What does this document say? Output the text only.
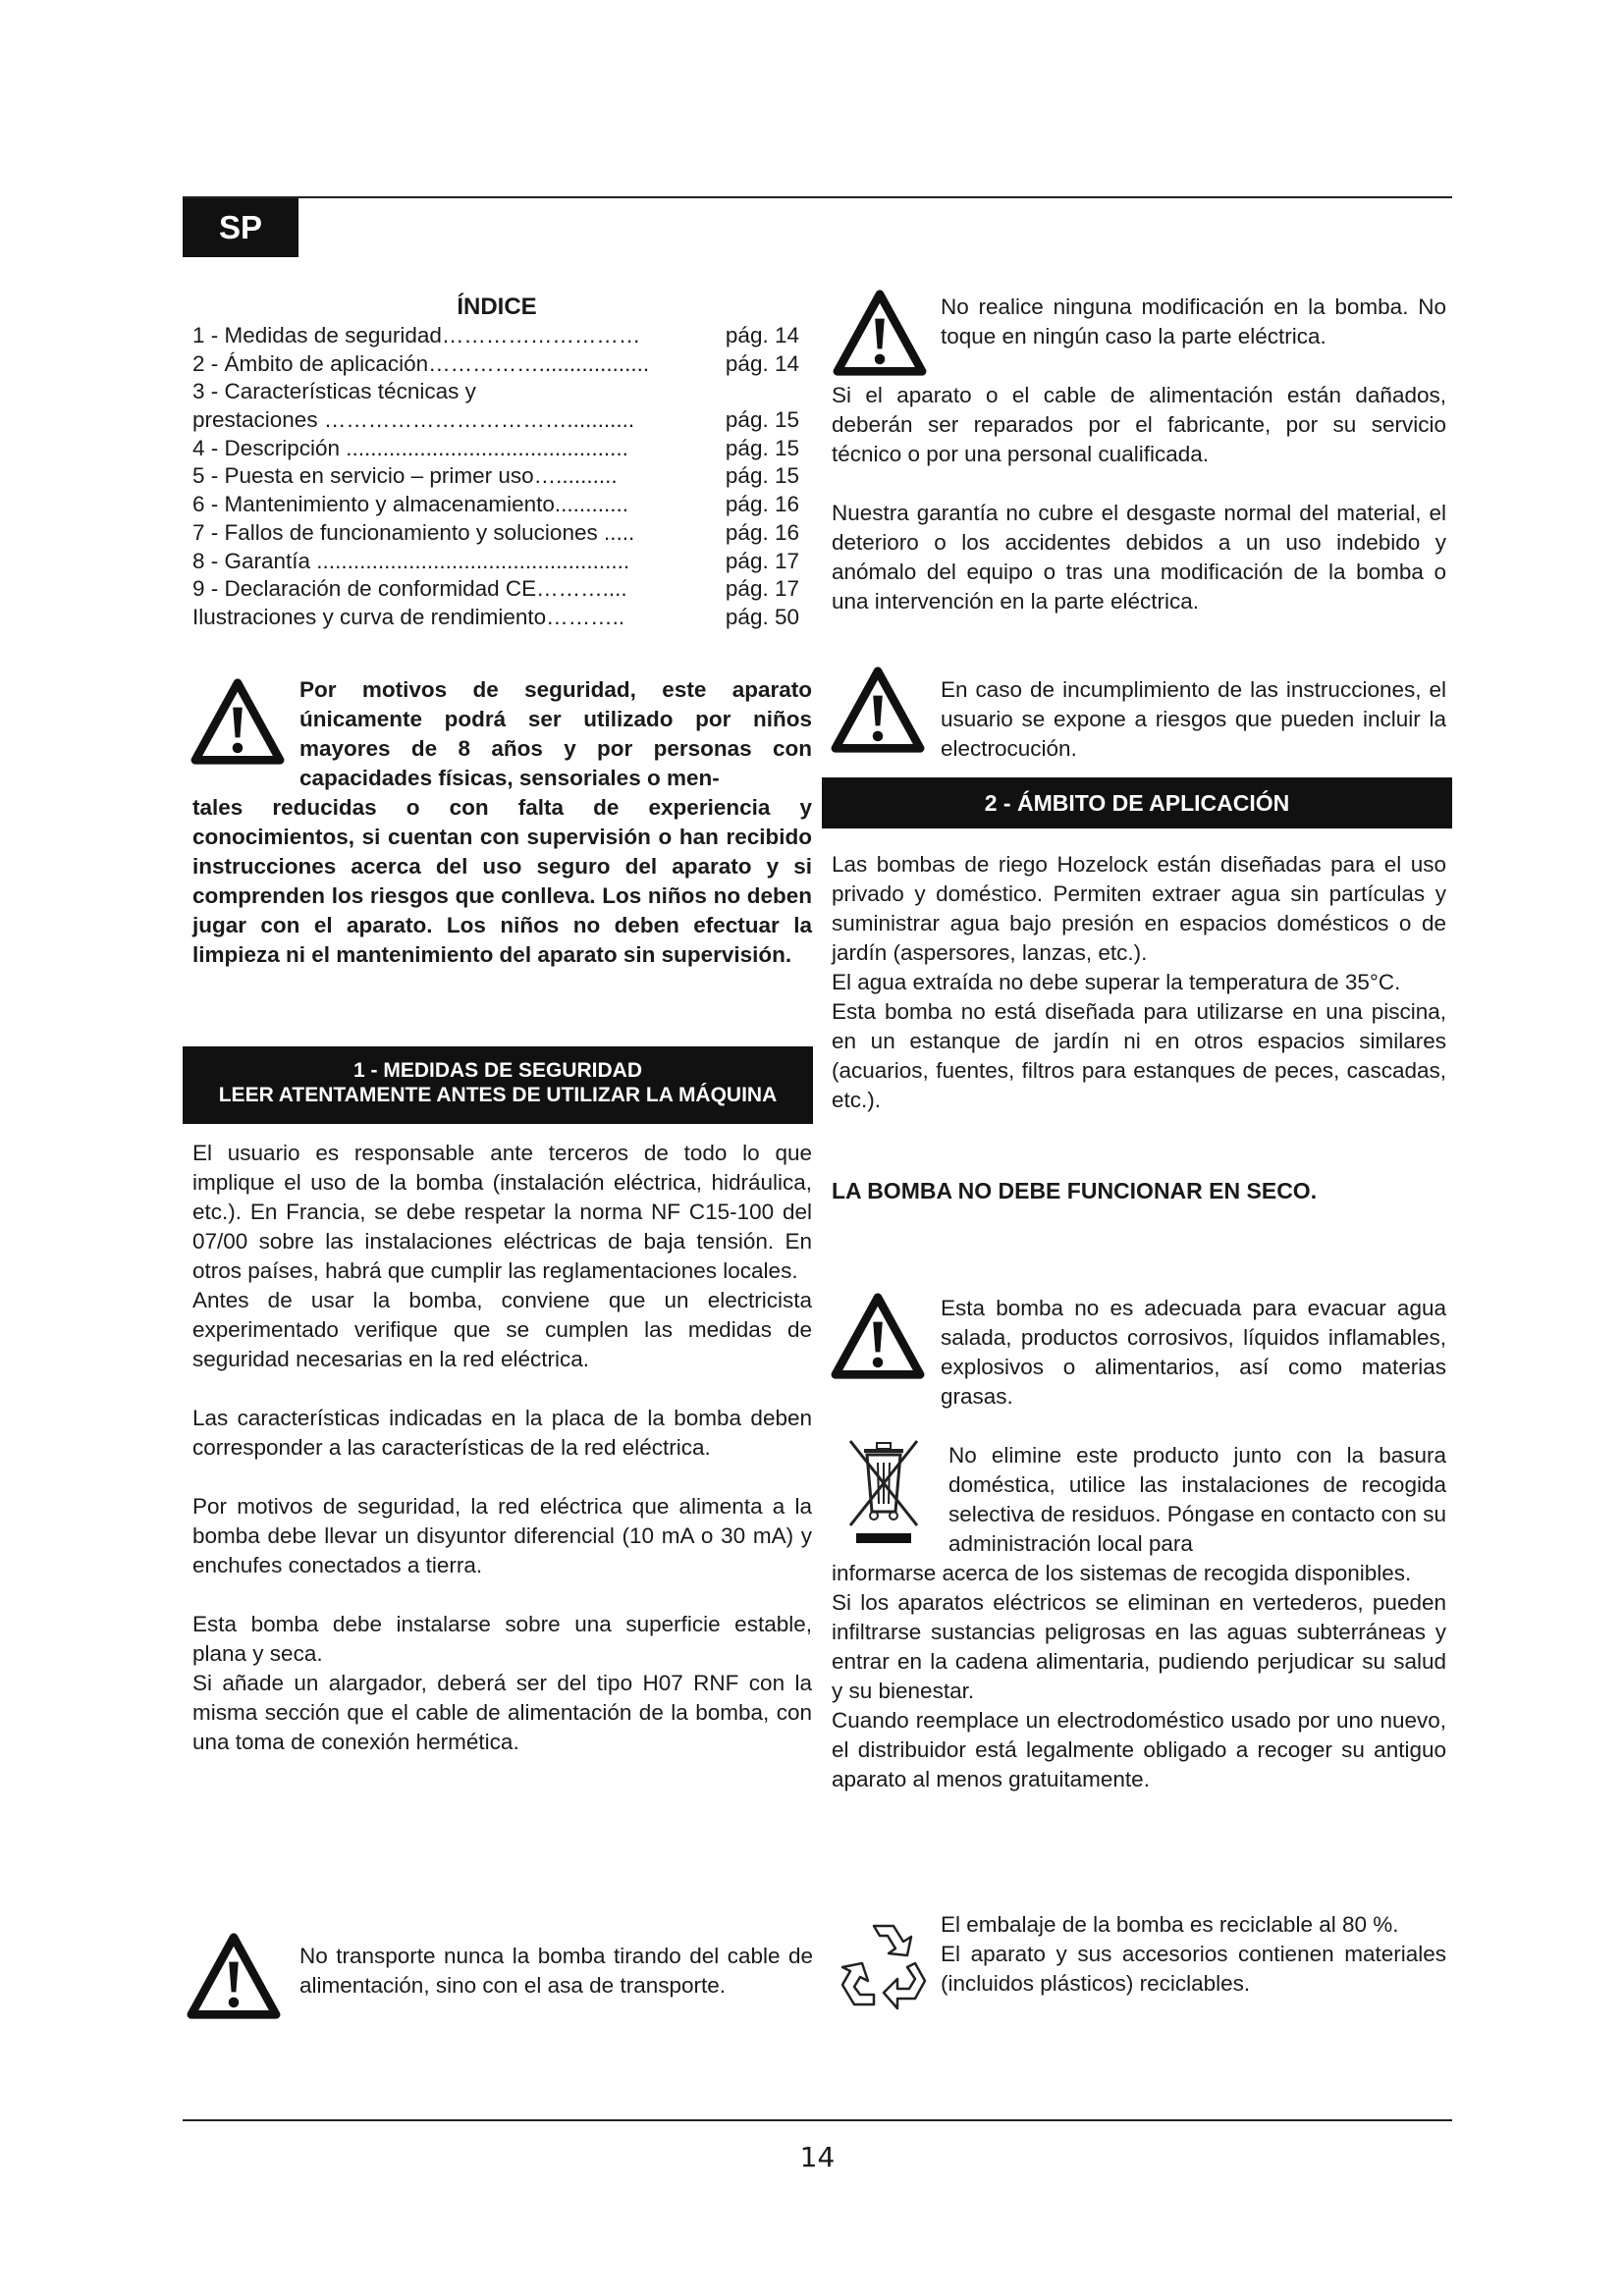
SP
ÍNDICE
1 - Medidas de seguridad………………………	pág. 14
2 - Ámbito de aplicación……………..................	pág. 14
3 - Características técnicas y
prestaciones ……………………………...........	pág. 15
4 - Descripción ..............................................	pág. 15
5 - Puesta en servicio – primer uso…..........	pág. 15
6 - Mantenimiento y almacenamiento............	pág. 16
7 - Fallos de funcionamiento y soluciones .....	pág. 16
8 - Garantía ...................................................	pág. 17
9 - Declaración de conformidad CE………....	pág. 17
Ilustraciones y curva de rendimiento………..	pág. 50
Por motivos de seguridad, este aparato únicamente podrá ser utilizado por niños mayores de 8 años y por personas con capacidades físicas, sensoriales o men-
tales reducidas o con falta de experiencia y conocimientos, si cuentan con supervisión o han recibido instrucciones acerca del uso seguro del aparato y si comprenden los riesgos que conlleva. Los niños no deben jugar con el aparato. Los niños no deben efectuar la limpieza ni el mantenimiento del aparato sin supervisión.
1 - MEDIDAS DE SEGURIDAD
LEER ATENTAMENTE ANTES DE UTILIZAR LA MÁQUINA

El usuario es responsable ante terceros de todo lo que implique el uso de la bomba (instalación eléctrica, hidráulica, etc.). En Francia, se debe respetar la norma NF C15-100 del 07/00 sobre las instalaciones eléctricas de baja tensión. En otros países, habrá que cumplir las reglamentaciones locales.

Antes de usar la bomba, conviene que un electricista experimentado verifique que se cumplen las medidas de seguridad necesarias en la red eléctrica.

Las características indicadas en la placa de la bomba deben corresponder a las características de la red eléctrica.

Por motivos de seguridad, la red eléctrica que alimenta a la bomba debe llevar un disyuntor diferencial (10 mA o 30 mA) y enchufes conectados a tierra.

Esta bomba debe instalarse sobre una superficie estable, plana y seca.

Si añade un alargador, deberá ser del tipo H07 RNF con la misma sección que el cable de alimentación de la bomba, con una toma de conexión hermética.

No transporte nunca la bomba tirando del cable de alimentación, sino con el asa de transporte.
No realice ninguna modificación en la bomba. No toque en ningún caso la parte eléctrica.

Si el aparato o el cable de alimentación están dañados, deberán ser reparados por el fabricante, por su servicio técnico o por una personal cualificada.

Nuestra garantía no cubre el desgaste normal del material, el deterioro o los accidentes debidos a un uso indebido y anómalo del equipo o tras una modificación de la bomba o una intervención en la parte eléctrica.

En caso de incumplimiento de las instrucciones, el usuario se expone a riesgos que pueden incluir la electrocución.
2 - ÁMBITO DE APLICACIÓN

Las bombas de riego Hozelock están diseñadas para el uso privado y doméstico. Permiten extraer agua sin partículas y suministrar agua bajo presión en espacios domésticos o de jardín (aspersores, lanzas, etc.).

El agua extraída no debe superar la temperatura de 35°C.

Esta bomba no está diseñada para utilizarse en una piscina, en un estanque de jardín ni en otros espacios similares (acuarios, fuentes, filtros para estanques de peces, cascadas, etc.).

LA BOMBA NO DEBE FUNCIONAR EN SECO.
Esta bomba no es adecuada para evacuar agua salada, productos corrosivos, líquidos inflamables, explosivos o alimentarios, así como materias grasas.
No elimine este producto junto con la basura doméstica, utilice las instalaciones de recogida selectiva de residuos. Póngase en contacto con su administración local para

informarse acerca de los sistemas de recogida disponibles.

Si los aparatos eléctricos se eliminan en vertederos, pueden infiltrarse sustancias peligrosas en las aguas subterráneas y entrar en la cadena alimentaria, pudiendo perjudicar su salud y su bienestar.

Cuando reemplace un electrodoméstico usado por uno nuevo, el distribuidor está legalmente obligado a recoger su antiguo aparato al menos gratuitamente.

El embalaje de la bomba es reciclable al 80 %.

El aparato y sus accesorios contienen materiales (incluidos plásticos) reciclables.

14
